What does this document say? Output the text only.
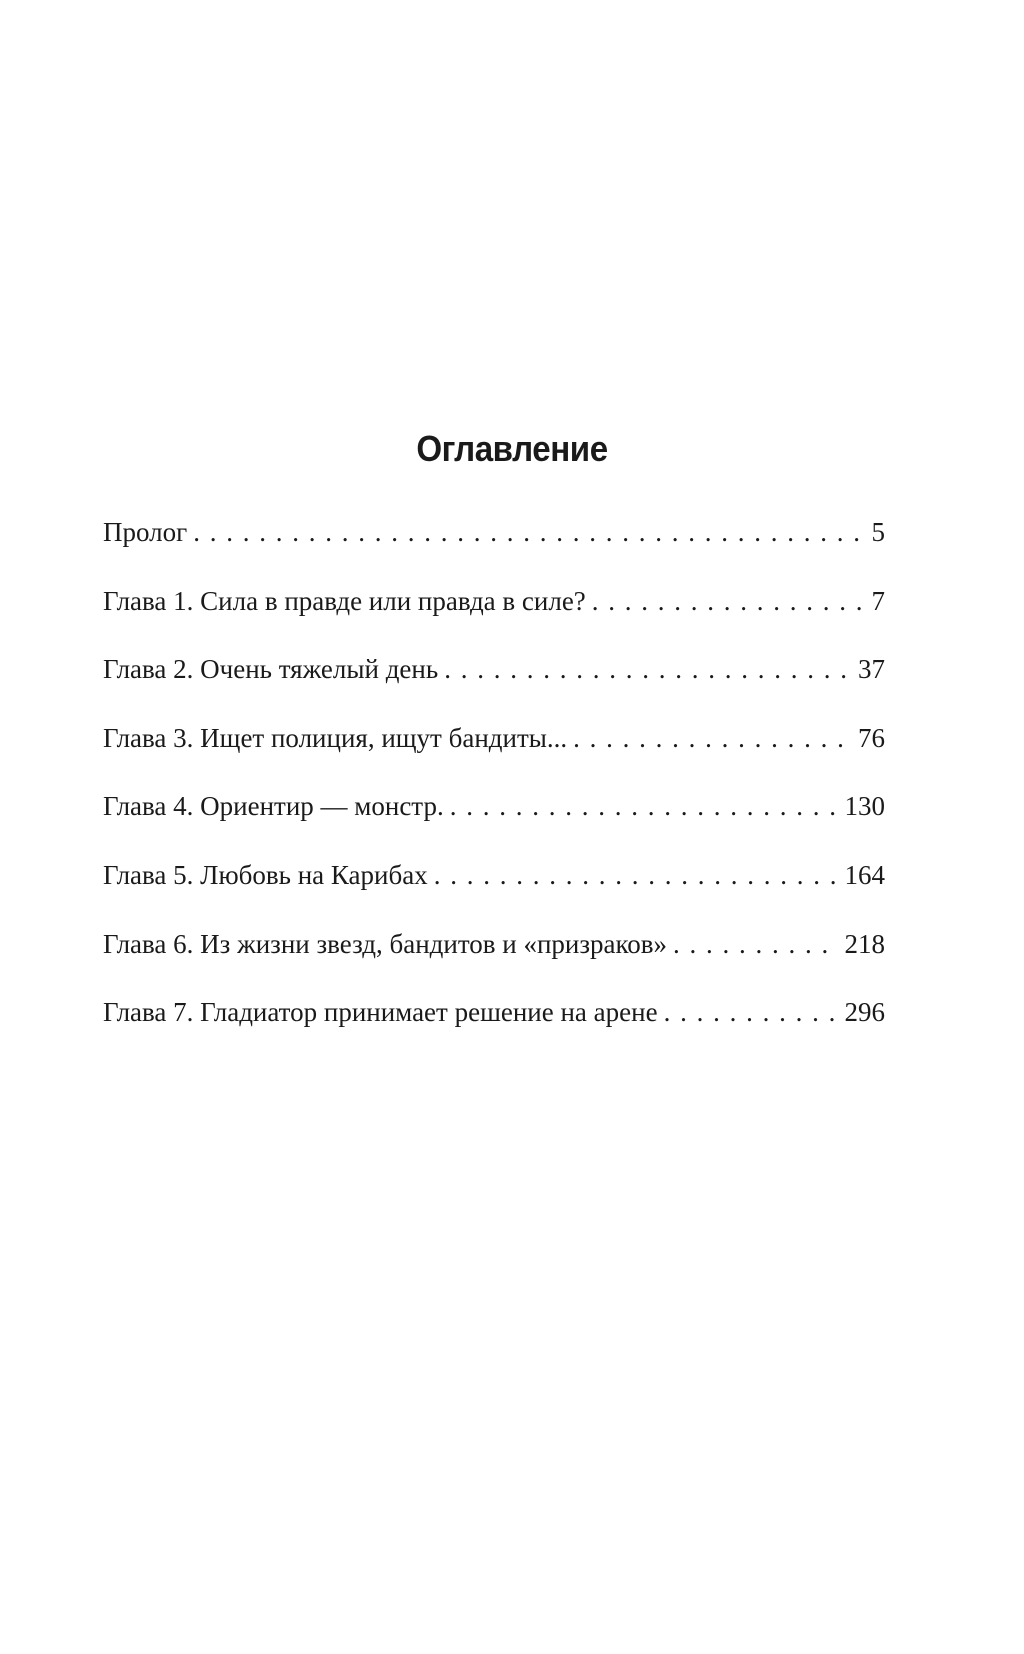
Оглавление
Пролог . . .	5
Глава 1. Сила в правде или правда в силе? . . .	7
Глава 2. Очень тяжелый день . . .	37
Глава 3. Ищет полиция, ищут бандиты... . . .	76
Глава 4. Ориентир — монстр. . . .	130
Глава 5. Любовь на Карибах . . .	164
Глава 6. Из жизни звезд, бандитов и «призраков» . . .	218
Глава 7. Гладиатор принимает решение на арене . . .	296
